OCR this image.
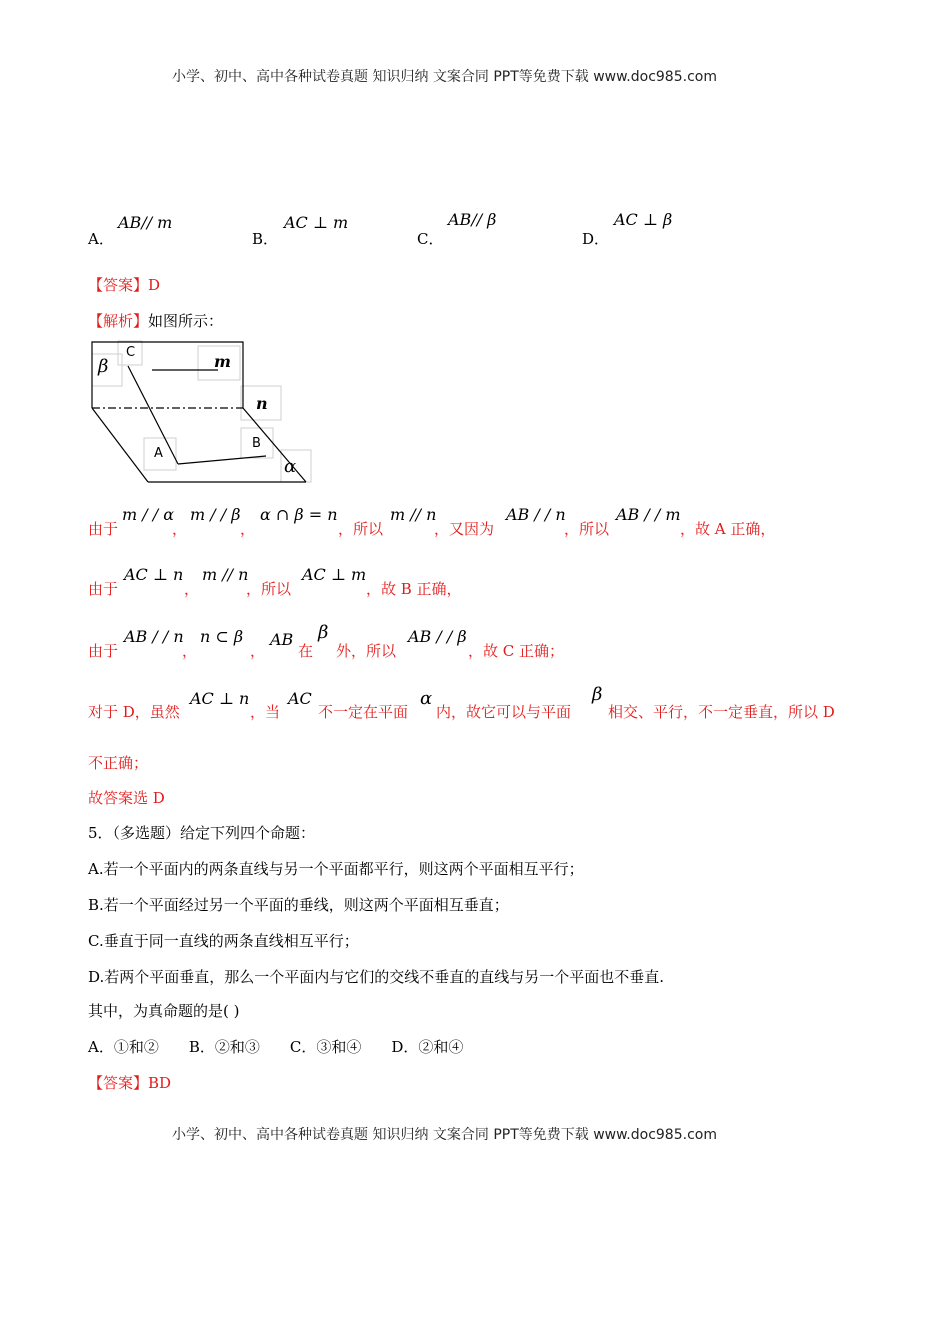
小学、初中、高中各种试卷真题 知识归纳 文案合同 PPT等免费下载 www.doc985.com
A．
AB// m
B．
AC ⊥ m
C．
AB// β
D．
AC ⊥ β
【答案】D
【解析】如图所示：
C
β	m
n
A
B
α
由于
m / / α
，
m / / β
，
α ∩ β = n
，所以
m // n
，又因为
AB / / n
，所以
AB / / m
，故 A 正确，
由于
AC ⊥ n
，
m // n
，所以
AC ⊥ m
，故 B 正确，
由于
AB / / n
，
n ⊂ β
，
AB
在
β
外，所以
AB / / β
，故 C 正确；
对于 D，虽然
AC ⊥ n
，当
AC
不一定在平面
α
内，故它可以与平面
β
相交、平行，不一定垂直，所以 D
不正确；
故答案选 D
5．（多选题）给定下列四个命题：
A.若一个平面内的两条直线与另一个平面都平行，则这两个平面相互平行；
B.若一个平面经过另一个平面的垂线，则这两个平面相互垂直；
C.垂直于同一直线的两条直线相互平行；
D.若两个平面垂直，那么一个平面内与它们的交线不垂直的直线与另一个平面也不垂直.
其中，为真命题的是( )
A．①和②　　B．②和③　　C．③和④　　D．②和④
【答案】BD
小学、初中、高中各种试卷真题 知识归纳 文案合同 PPT等免费下载 www.doc985.com
